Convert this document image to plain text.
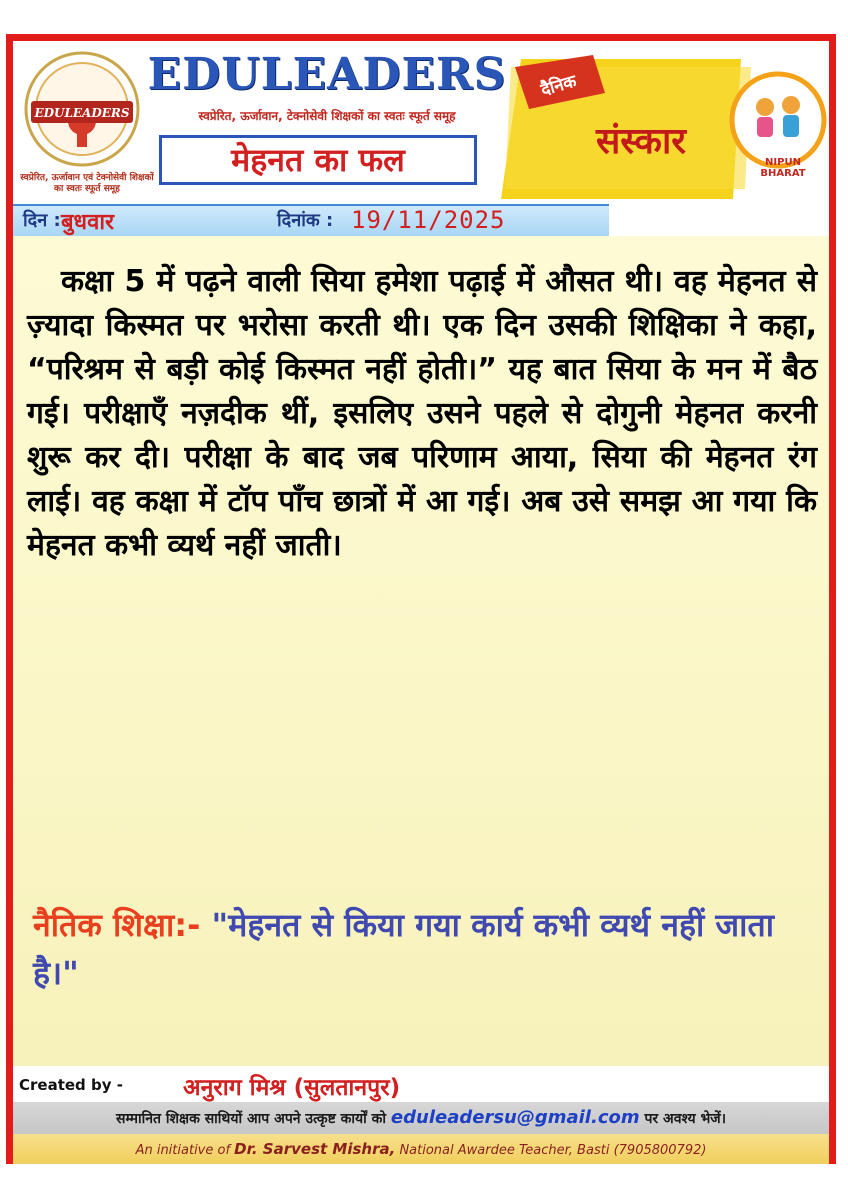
EDULEADERS
स्वप्रेरित, ऊर्जावान एवं टेक्नोसेवी शिक्षकों का स्वतः स्फूर्त समूह
EDULEADERS
स्वप्रेरित, ऊर्जावान, टेक्नोसेवी शिक्षकों का स्वतः स्फूर्त समूह
मेहनत का फल
दैनिक
संस्कार
NIPUN BHARAT
दिन : बुधवार	दिनांक : 19/11/2025
कक्षा 5 में पढ़ने वाली सिया हमेशा पढ़ाई में औसत थी। वह मेहनत से ज़्यादा किस्मत पर भरोसा करती थी। एक दिन उसकी शिक्षिका ने कहा, “परिश्रम से बड़ी कोई किस्मत नहीं होती।” यह बात सिया के मन में बैठ गई। परीक्षाएँ नज़दीक थीं, इसलिए उसने पहले से दोगुनी मेहनत करनी शुरू कर दी। परीक्षा के बाद जब परिणाम आया, सिया की मेहनत रंग लाई। वह कक्षा में टॉप पाँच छात्रों में आ गई। अब उसे समझ आ गया कि मेहनत कभी व्यर्थ नहीं जाती।
नैतिक शिक्षा:- "मेहनत से किया गया कार्य कभी व्यर्थ नहीं जाता है।"
Created by -	अनुराग मिश्र (सुलतानपुर)
सम्मानित शिक्षक साथियों आप अपने उत्कृष्ट कार्यों को eduleadersu@gmail.com पर अवश्य भेजें।
An initiative of Dr. Sarvest Mishra, National Awardee Teacher, Basti (7905800792)
